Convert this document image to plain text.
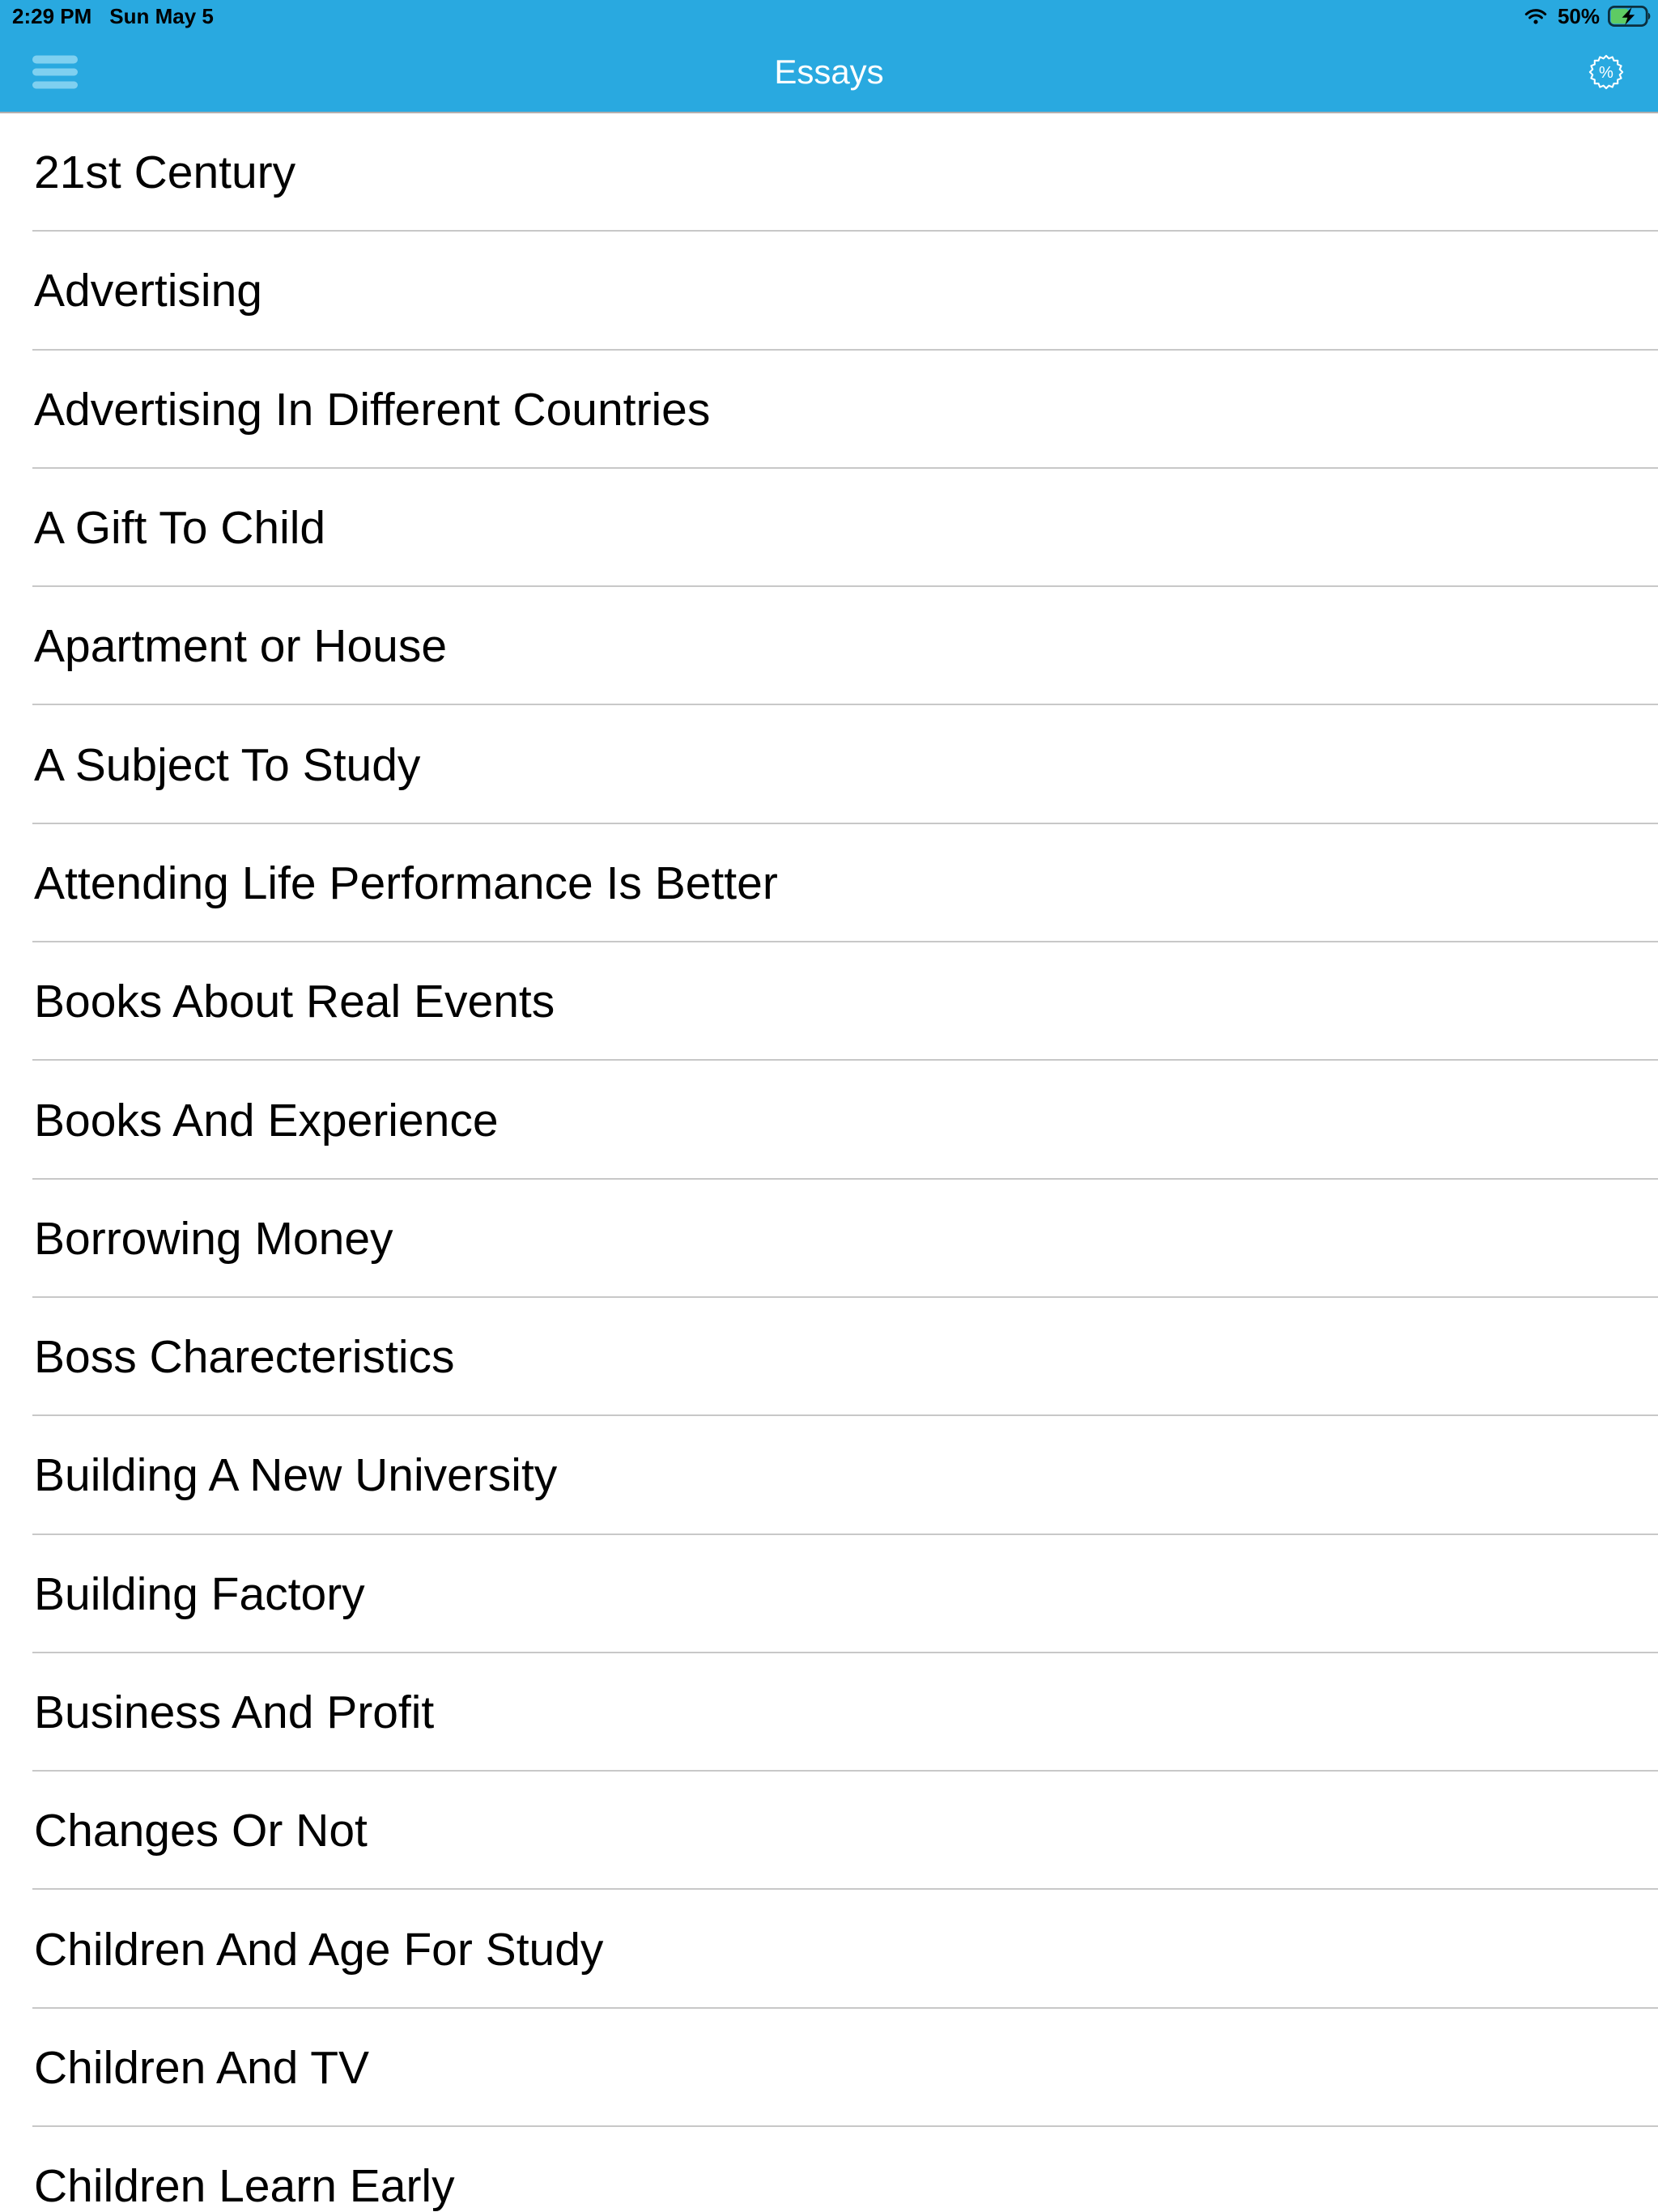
2:29 PM Sun May 5	50%
Essays	%
21st Century
Advertising
Advertising In Different Countries
A Gift To Child
Apartment or House
A Subject To Study
Attending Life Performance Is Better
Books About Real Events
Books And Experience
Borrowing Money
Boss Charecteristics
Building A New University
Building Factory
Business And Profit
Changes Or Not
Children And Age For Study
Children And TV
Children Learn Early
